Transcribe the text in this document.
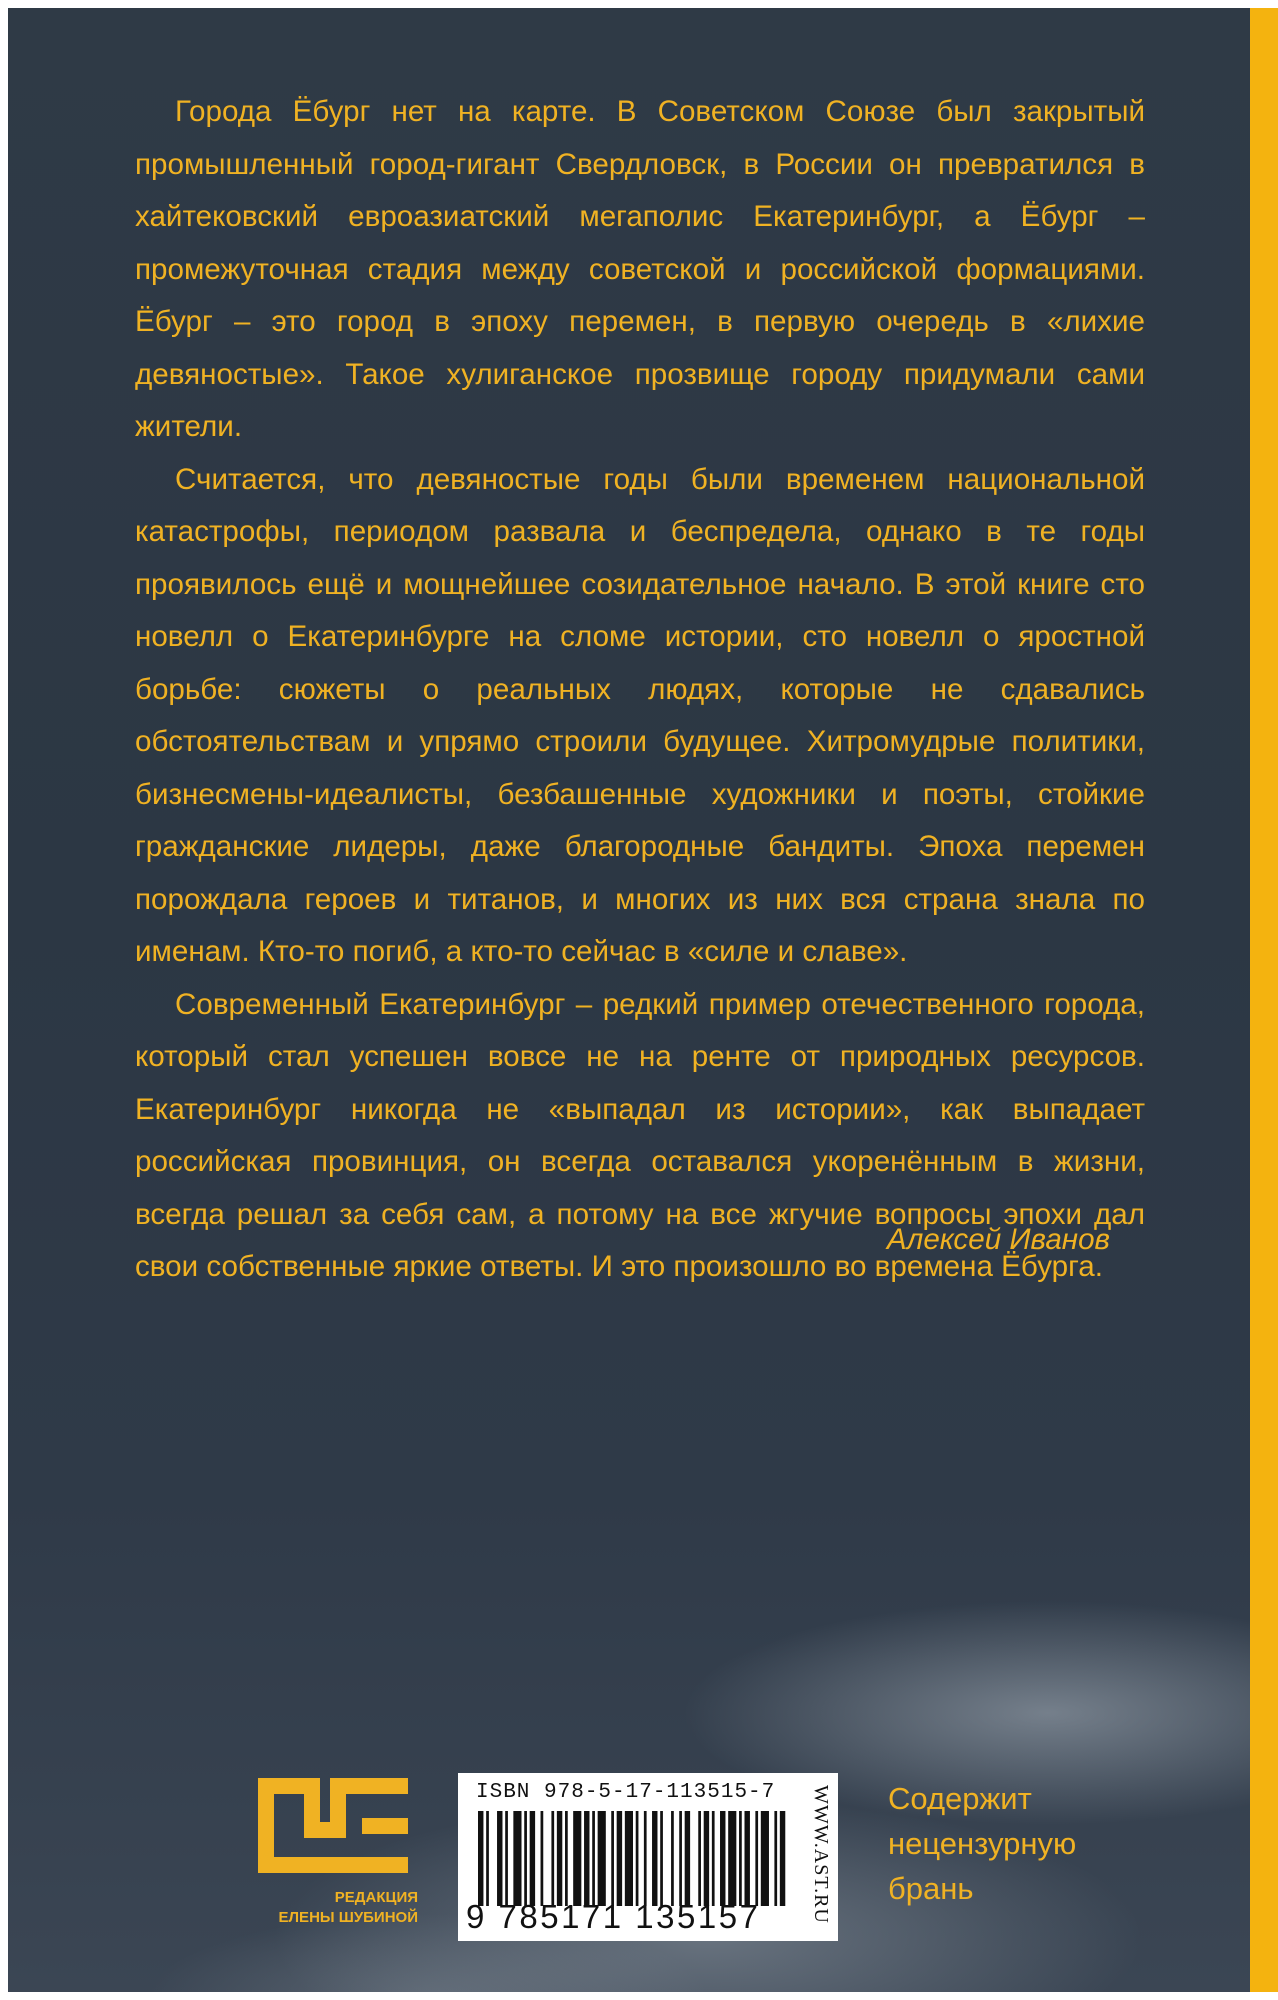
Города Ёбург нет на карте. В Советском Союзе был закрытый промышленный город-гигант Свердловск, в России он превратился в хайтековский евроазиатский мегаполис Екатеринбург, а Ёбург – промежуточная стадия между советской и российской формациями. Ёбург – это город в эпоху перемен, в первую очередь в «лихие девяностые». Такое хулиганское прозвище городу придумали сами жители.

Считается, что девяностые годы были временем национальной катастрофы, периодом развала и беспредела, однако в те годы проявилось ещё и мощнейшее созидательное начало. В этой книге сто новелл о Екатеринбурге на сломе истории, сто новелл о яростной борьбе: сюжеты о реальных людях, которые не сдавались обстоятельствам и упрямо строили будущее. Хитромудрые политики, бизнесмены-идеалисты, безбашенные художники и поэты, стойкие гражданские лидеры, даже благородные бандиты. Эпоха перемен порождала героев и титанов, и многих из них вся страна знала по именам. Кто-то погиб, а кто-то сейчас в «силе и славе».

Современный Екатеринбург – редкий пример отечественного города, который стал успешен вовсе не на ренте от природных ресурсов. Екатеринбург никогда не «выпадал из истории», как выпадает российская провинция, он всегда оставался укоренённым в жизни, всегда решал за себя сам, а потому на все жгучие вопросы эпохи дал свои собственные яркие ответы. И это произошло во времена Ёбурга.

Алексей Иванов
РЕДАКЦИЯ
ЕЛЕНЫ ШУБИНОЙ
ISBN 978-5-17-113515-7
9 785171 135157 WWW.AST.RU Содержит
нецензурную
брань
